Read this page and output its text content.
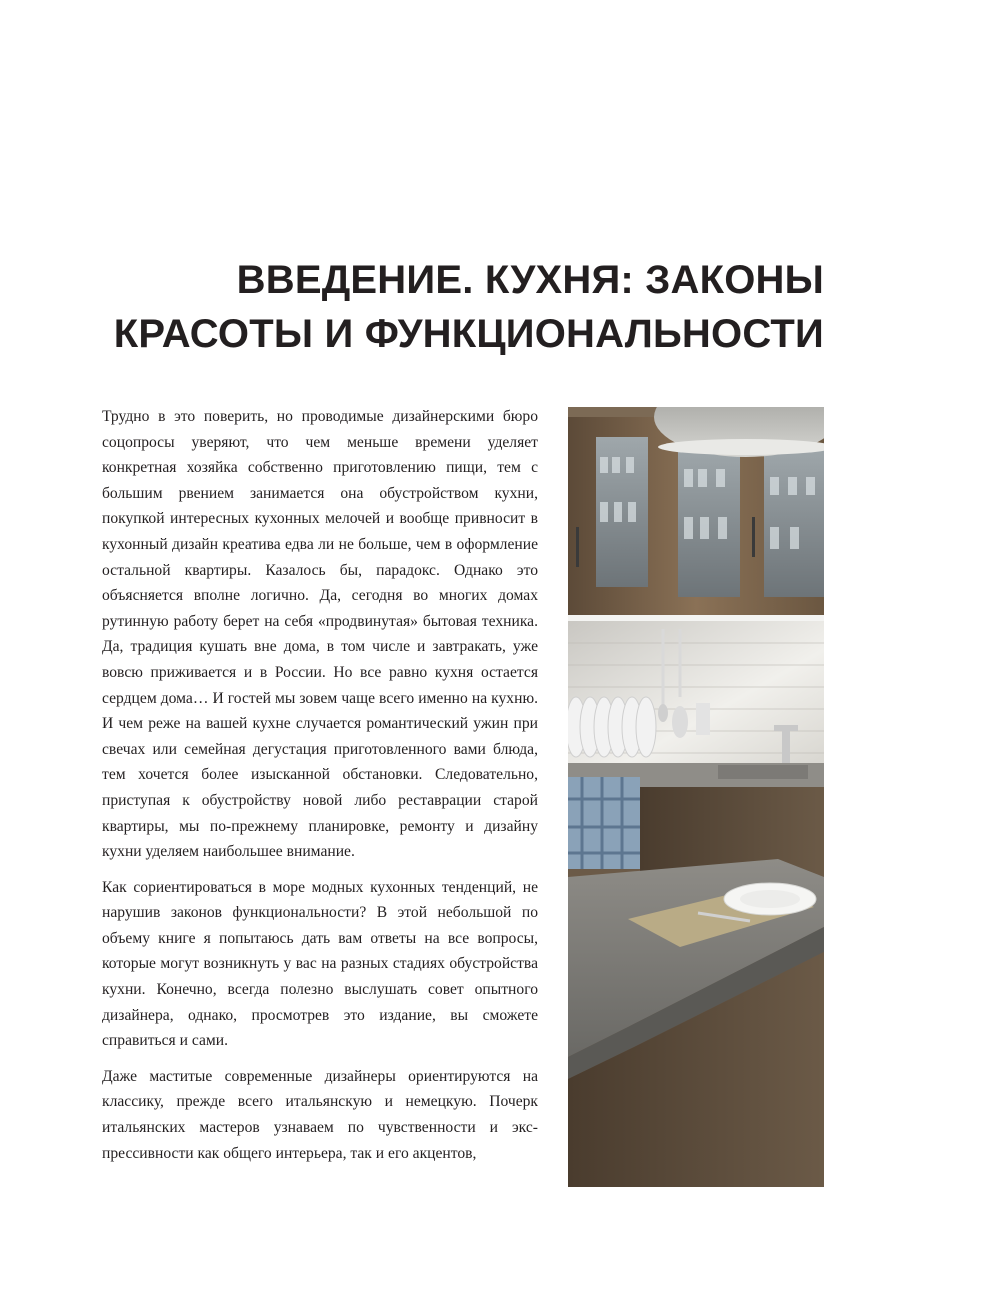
ВВЕДЕНИЕ. КУХНЯ: ЗАКОНЫ
КРАСОТЫ И ФУНКЦИОНАЛЬНОСТИ

Трудно в это поверить, но проводимые дизайнерскими бюро соцопросы уверяют, что чем меньше времени уделяет конкретная хозяйка собственно приготовлению пищи, тем с большим рвением занимается она обустройством кухни, покупкой интересных кухонных мелочей и вообще привносит в кухонный дизайн креатива едва ли не больше, чем в оформление остальной квартиры. Казалось бы, парадокс. Однако это объясняется вполне логично. Да, сегодня во многих домах рутинную работу берет на себя «продвинутая» бытовая техника. Да, традиция кушать вне дома, в том числе и завтракать, уже вовсю приживается и в России. Но все равно кухня остается сердцем дома… И гостей мы зовем чаще всего именно на кухню. И чем реже на вашей кухне случается романтический ужин при свечах или семейная дегустация приготовленного вами блюда, тем хочется более изысканной обстановки. Следовательно, приступая к обустройству новой либо реставрации старой квартиры, мы по-прежнему планировке, ремонту и дизайну кухни уделяем наибольшее внимание.

Как сориентироваться в море модных кухонных тенденций, не нарушив законов функциональности? В этой небольшой по объему книге я попытаюсь дать вам ответы на все вопросы, которые могут возникнуть у вас на разных стадиях обустройства кухни. Конечно, всегда полезно выслушать совет опытного дизайнера, однако, просмотрев это издание, вы сможете справиться и сами.

Даже маститые современные дизайнеры ориентируются на классику, прежде всего итальянскую и немецкую. Почерк итальянских мастеров узнаваем по чувственности и экспрессивности как общего интерьера, так и его акцентов,
